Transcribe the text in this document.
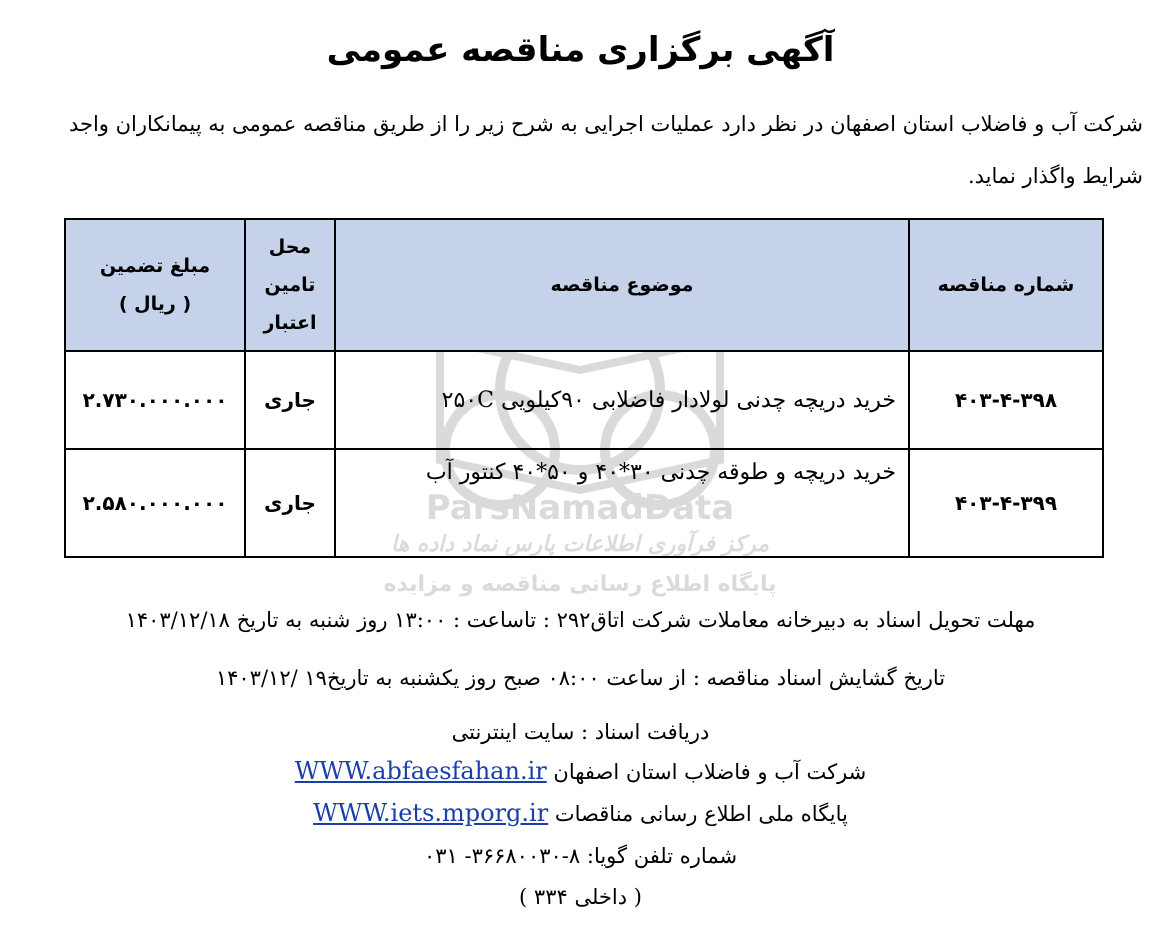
آگهی برگزاری مناقصه عمومی
شرکت آب و فاضلاب استان اصفهان در نظر دارد عملیات اجرایی به شرح زیر را از طریق مناقصه عمومی به پیمانکاران واجد شرایط واگذار نماید.
ParsNamadData
مرکز فرآوری اطلاعات پارس نماد داده ها
پایگاه اطلاع رسانی مناقصه و مزایده
شماره مناقصه	موضوع مناقصه	محل تامین اعتبار	مبلغ تضمین
( ریال )

۴۰۳-۴-۳۹۸	خرید دریچه چدنی لولادار فاضلابی ۹۰کیلویی ۲۵۰C	جاری	۲.۷۳۰.۰۰۰.۰۰۰
۴۰۳-۴-۳۹۹	خرید دریچه و طوقه چدنی ۳۰*۴۰ و ۵۰*۴۰ کنتور آب	جاری	۲.۵۸۰.۰۰۰.۰۰۰
مهلت تحویل اسناد به دبیرخانه معاملات شرکت اتاق۲۹۲ : تاساعت : ۱۳:۰۰ روز شنبه به تاریخ ۱۴۰۳/۱۲/۱۸
تاریخ گشایش اسناد مناقصه : از ساعت ۰۸:۰۰ صبح روز یکشنبه به تاریخ۱۹ /۱۴۰۳/۱۲
دریافت اسناد : سایت اینترنتی
شرکت آب و فاضلاب استان اصفهان WWW.abfaesfahan.ir
پایگاه ملی اطلاع رسانی مناقصات WWW.iets.mporg.ir
شماره تلفن گویا: ۸-۳۶۶۸۰۰۳۰- ۰۳۱
( داخلی ۳۳۴ )
